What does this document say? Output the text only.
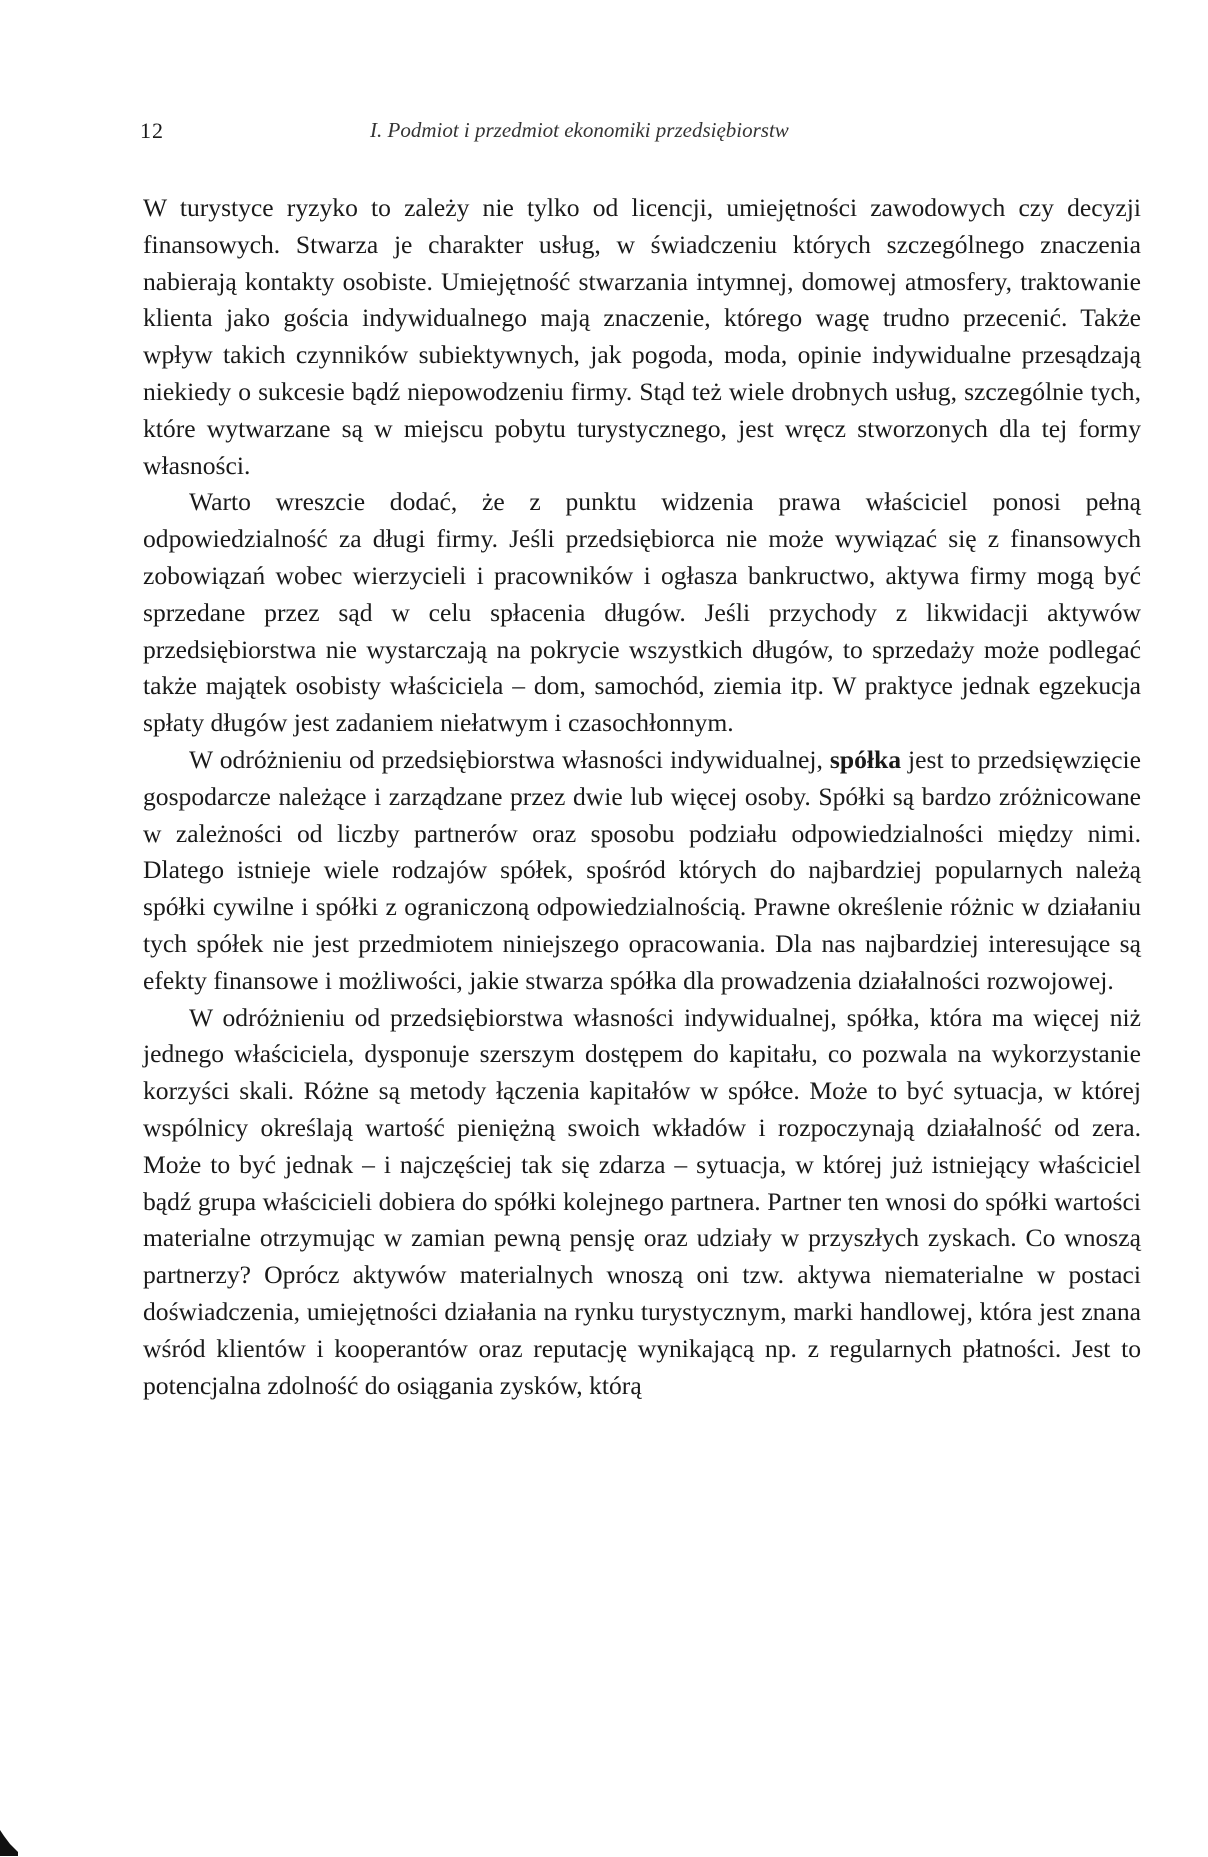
12	I. Podmiot i przedmiot ekonomiki przedsiębiorstw

W turystyce ryzyko to zależy nie tylko od licencji, umiejętności zawodowych czy decyzji finansowych. Stwarza je charakter usług, w świadczeniu których szczególnego znaczenia nabierają kontakty osobiste. Umiejętność stwarzania intymnej, domowej atmosfery, traktowanie klienta jako gościa indywidualnego mają znaczenie, którego wagę trudno przecenić. Także wpływ takich czynników subiektywnych, jak pogoda, moda, opinie indywidualne przesądzają niekiedy o sukcesie bądź niepowodzeniu firmy. Stąd też wiele drobnych usług, szczególnie tych, które wytwarzane są w miejscu pobytu turystycznego, jest wręcz stworzonych dla tej formy własności.

Warto wreszcie dodać, że z punktu widzenia prawa właściciel ponosi pełną odpowiedzialność za długi firmy. Jeśli przedsiębiorca nie może wywiązać się z finansowych zobowiązań wobec wierzycieli i pracowników i ogłasza bankructwo, aktywa firmy mogą być sprzedane przez sąd w celu spłacenia długów. Jeśli przychody z likwidacji aktywów przedsiębiorstwa nie wystarczają na pokrycie wszystkich długów, to sprzedaży może podlegać także majątek osobisty właściciela – dom, samochód, ziemia itp. W praktyce jednak egzekucja spłaty długów jest zadaniem niełatwym i czasochłonnym.

W odróżnieniu od przedsiębiorstwa własności indywidualnej, spółka jest to przedsięwzięcie gospodarcze należące i zarządzane przez dwie lub więcej osoby. Spółki są bardzo zróżnicowane w zależności od liczby partnerów oraz sposobu podziału odpowiedzialności między nimi. Dlatego istnieje wiele rodzajów spółek, spośród których do najbardziej popularnych należą spółki cywilne i spółki z ograniczoną odpowiedzialnością. Prawne określenie różnic w działaniu tych spółek nie jest przedmiotem niniejszego opracowania. Dla nas najbardziej interesujące są efekty finansowe i możliwości, jakie stwarza spółka dla prowadzenia działalności rozwojowej.

W odróżnieniu od przedsiębiorstwa własności indywidualnej, spółka, która ma więcej niż jednego właściciela, dysponuje szerszym dostępem do kapitału, co pozwala na wykorzystanie korzyści skali. Różne są metody łączenia kapitałów w spółce. Może to być sytuacja, w której wspólnicy określają wartość pieniężną swoich wkładów i rozpoczynają działalność od zera. Może to być jednak – i najczęściej tak się zdarza – sytuacja, w której już istniejący właściciel bądź grupa właścicieli dobiera do spółki kolejnego partnera. Partner ten wnosi do spółki wartości materialne otrzymując w zamian pewną pensję oraz udziały w przyszłych zyskach. Co wnoszą partnerzy? Oprócz aktywów materialnych wnoszą oni tzw. aktywa niematerialne w postaci doświadczenia, umiejętności działania na rynku turystycznym, marki handlowej, która jest znana wśród klientów i kooperantów oraz reputację wynikającą np. z regularnych płatności. Jest to potencjalna zdolność do osiągania zysków, którą
